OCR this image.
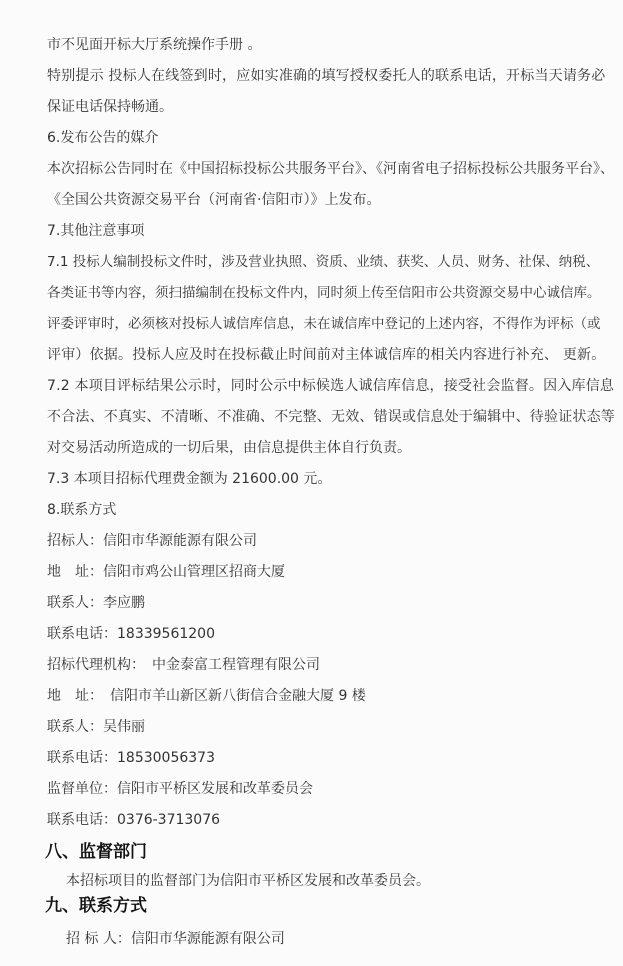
市不见面开标大厅系统操作手册 。
特别提示 投标人在线签到时，应如实准确的填写授权委托人的联系电话，开标当天请务必
保证电话保持畅通。
6.发布公告的媒介
本次招标公告同时在《中国招标投标公共服务平台》、《河南省电子招标投标公共服务平台》、
《全国公共资源交易平台（河南省·信阳市）》上发布。
7.其他注意事项
7.1 投标人编制投标文件时，涉及营业执照、资质、业绩、获奖、人员、财务、社保、纳税、
各类证书等内容，须扫描编制在投标文件内，同时须上传至信阳市公共资源交易中心诚信库。
评委评审时，必须核对投标人诚信库信息，未在诚信库中登记的上述内容，不得作为评标（或
评审）依据。投标人应及时在投标截止时间前对主体诚信库的相关内容进行补充、 更新。
7.2 本项目评标结果公示时，同时公示中标候选人诚信库信息，接受社会监督。因入库信息
不合法、不真实、不清晰、不准确、不完整、无效、错误或信息处于编辑中、待验证状态等
对交易活动所造成的一切后果，由信息提供主体自行负责。
7.3 本项目招标代理费金额为 21600.00 元。
8.联系方式
招标人：信阳市华源能源有限公司
地　址：信阳市鸡公山管理区招商大厦
联系人：李应鹏
联系电话：18339561200
招标代理机构：　中金泰富工程管理有限公司
地　址：　信阳市羊山新区新八街信合金融大厦 9 楼
联系人：吴伟丽
联系电话：18530056373
监督单位：信阳市平桥区发展和改革委员会
联系电话：0376-3713076
八、监督部门
本招标项目的监督部门为信阳市平桥区发展和改革委员会。
九、联系方式
招 标 人：信阳市华源能源有限公司
